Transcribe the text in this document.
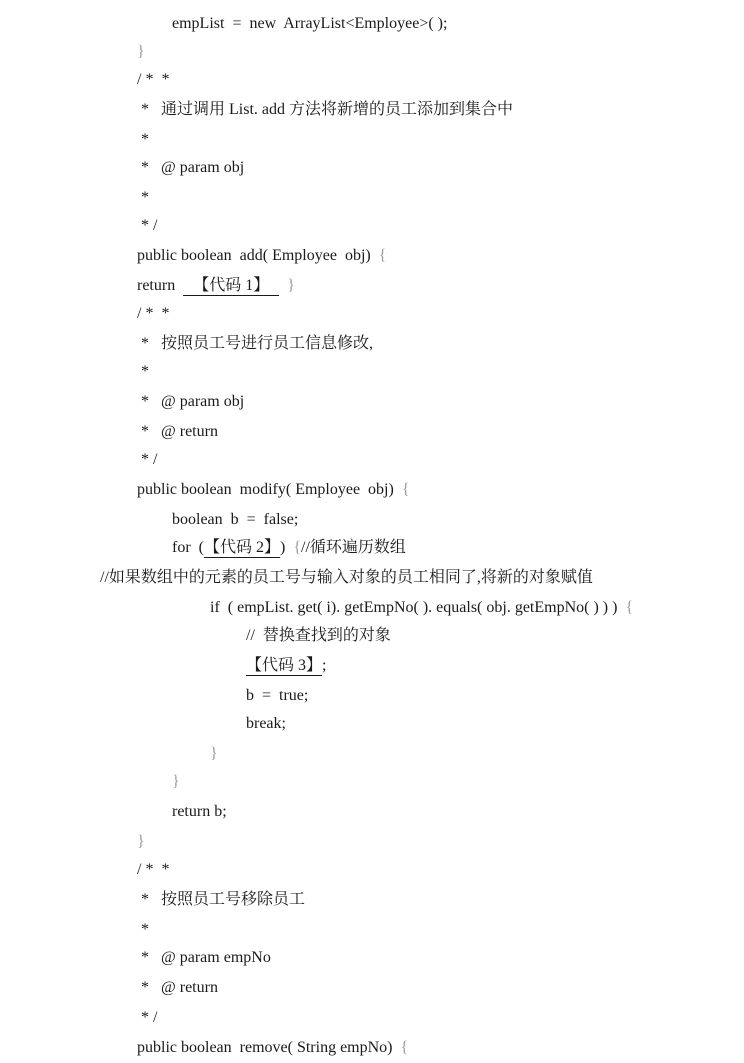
empList  =  new  ArrayList<Employee>( );
}
/ *  *
*   通过调用 List. add 方法将新增的员工添加到集合中
*
*   @ param obj
*
* /
public boolean  add( Employee  obj) {
return 【代码 1】 }
/ *  *
*   按照员工号进行员工信息修改,
*
*   @ param obj
*   @ return
* /
public boolean  modify( Employee  obj) {
boolean  b  =  false;
for  (【代码 2】)  {//循环遍历数组
//如果数组中的元素的员工号与输入对象的员工相同了,将新的对象赋值
if  ( empList. get( i). getEmpNo( ). equals( obj. getEmpNo( ) ) ) {
//  替换查找到的对象
【代码 3】;
b  =  true;
break;
}
}
return b;
}
/ *  *
*   按照员工号移除员工
*
*   @ param empNo
*   @ return
* /
public boolean  remove( String empNo) {
